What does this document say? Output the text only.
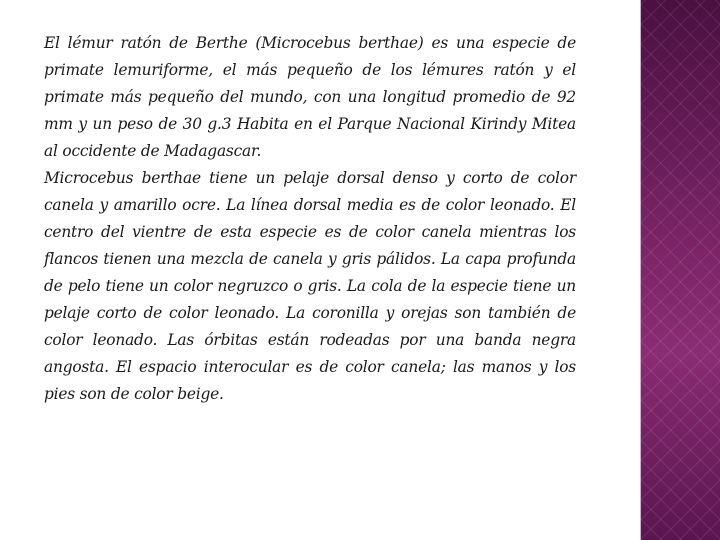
El lémur ratón de Berthe (Microcebus berthae) es una especie de primate lemuriforme, el más pequeño de los lémures ratón y el primate más pequeño del mundo, con una longitud promedio de 92 mm y un peso de 30 g.3 Habita en el Parque Nacional Kirindy Mitea al occidente de Madagascar.

Microcebus berthae tiene un pelaje dorsal denso y corto de color canela y amarillo ocre. La línea dorsal media es de color leonado. El centro del vientre de esta especie es de color canela mientras los flancos tienen una mezcla de canela y gris pálidos. La capa profunda de pelo tiene un color negruzco o gris. La cola de la especie tiene un pelaje corto de color leonado. La coronilla y orejas son también de color leonado. Las órbitas están rodeadas por una banda negra angosta. El espacio interocular es de color canela; las manos y los pies son de color beige.
